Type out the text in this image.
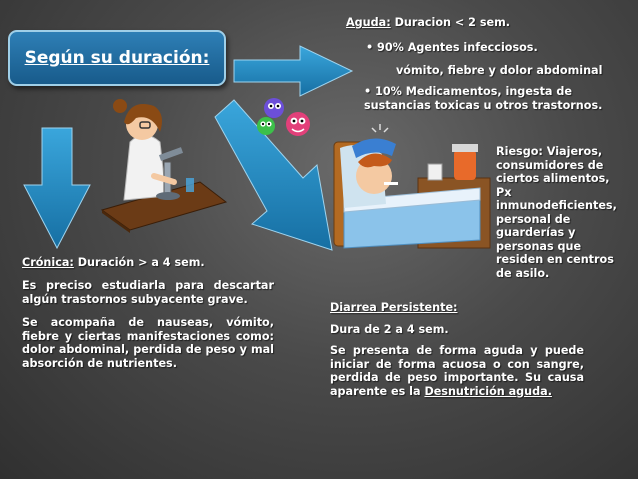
Según su duración:
Aguda: Duracion < 2 sem.
• 90% Agentes infecciosos.
vómito, fiebre y dolor abdominal
• 10% Medicamentos, ingesta de sustancias toxicas u otros trastornos.
Riesgo: Viajeros, consumidores de ciertos alimentos, Px inmunodeficientes, personal de guarderías y personas que residen en centros de asilo.
Crónica: Duración > a 4 sem.
Es preciso estudiarla para descartar algún trastornos subyacente grave.
Se acompaña de nauseas, vómito, fiebre y ciertas manifestaciones como: dolor abdominal, perdida de peso y mal absorción de nutrientes.
Diarrea Persistente:
Dura de 2 a 4 sem.
Se presenta de forma aguda y puede iniciar de forma acuosa o con sangre, perdida de peso importante. Su causa aparente es la Desnutrición aguda.
